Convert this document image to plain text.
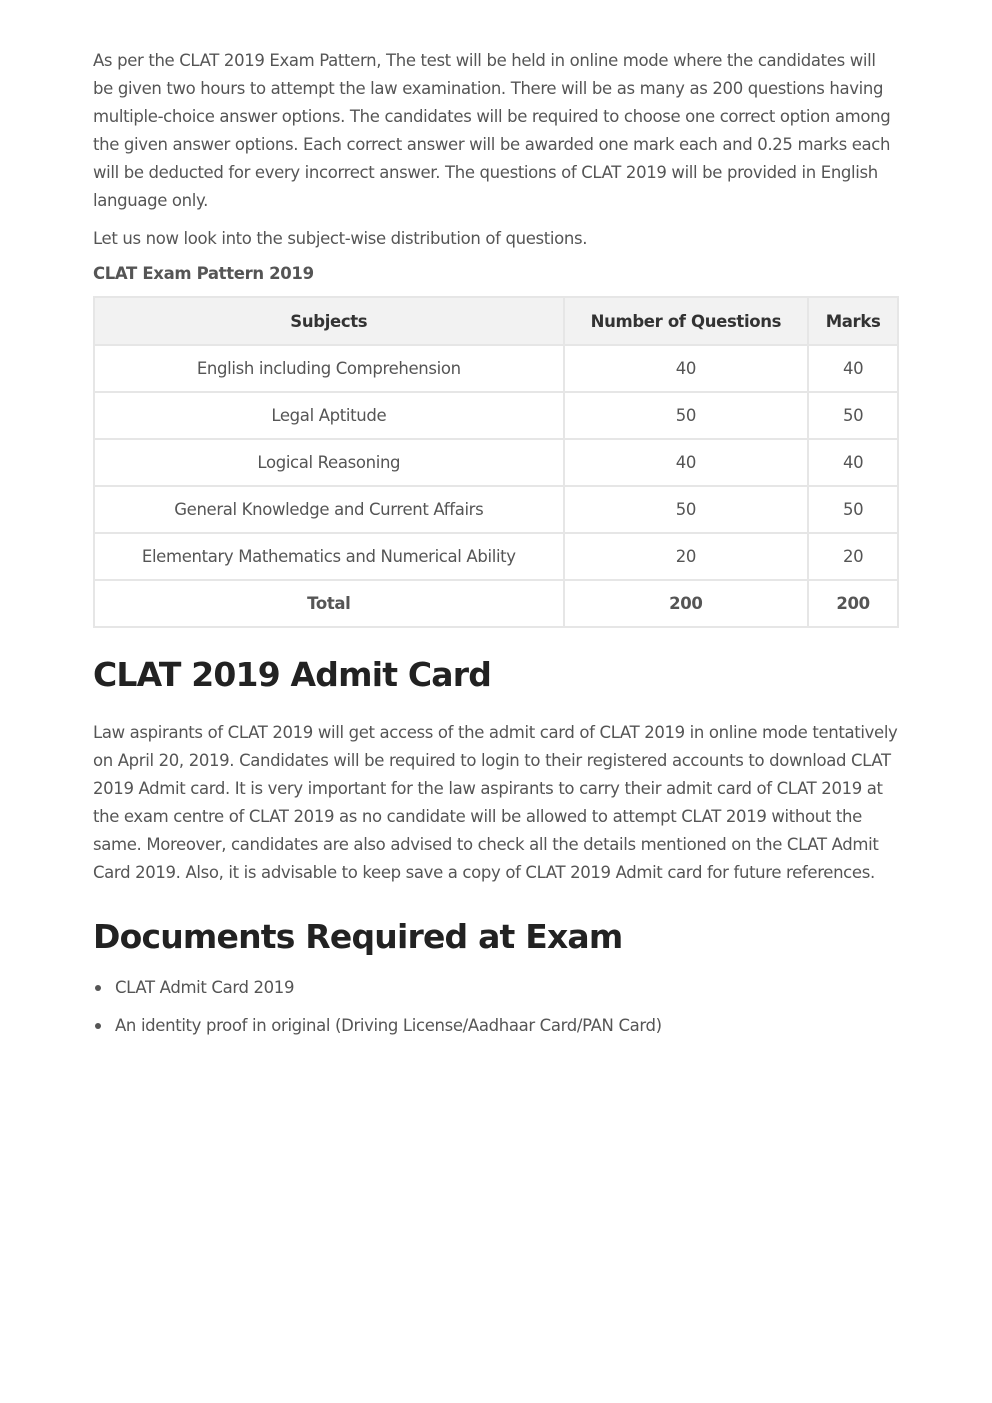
As per the CLAT 2019 Exam Pattern, The test will be held in online mode where the candidates will be given two hours to attempt the law examination. There will be as many as 200 questions having multiple-choice answer options. The candidates will be required to choose one correct option among the given answer options. Each correct answer will be awarded one mark each and 0.25 marks each will be deducted for every incorrect answer. The questions of CLAT 2019 will be provided in English language only.

Let us now look into the subject-wise distribution of questions.

CLAT Exam Pattern 2019
Subjects	Number of Questions	Marks
English including Comprehension	40	40
Legal Aptitude	50	50
Logical Reasoning	40	40
General Knowledge and Current Affairs	50	50
Elementary Mathematics and Numerical Ability	20	20
Total	200	200
CLAT 2019 Admit Card

Law aspirants of CLAT 2019 will get access of the admit card of CLAT 2019 in online mode tentatively on April 20, 2019. Candidates will be required to login to their registered accounts to download CLAT 2019 Admit card. It is very important for the law aspirants to carry their admit card of CLAT 2019 at the exam centre of CLAT 2019 as no candidate will be allowed to attempt CLAT 2019 without the same. Moreover, candidates are also advised to check all the details mentioned on the CLAT Admit Card 2019. Also, it is advisable to keep save a copy of CLAT 2019 Admit card for future references.

Documents Required at Exam
CLAT Admit Card 2019
An identity proof in original (Driving License/Aadhaar Card/PAN Card)
